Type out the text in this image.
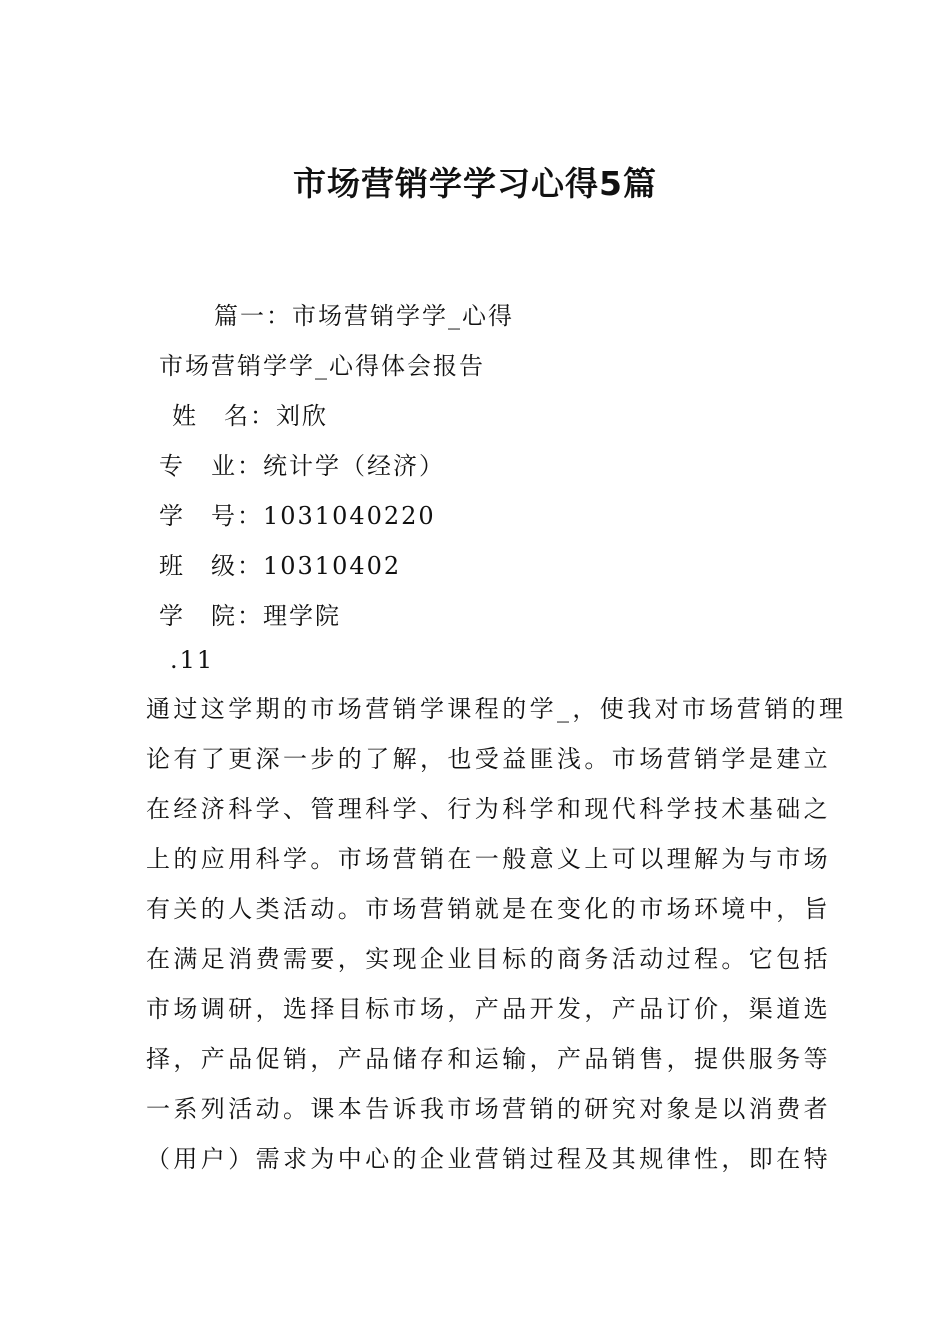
市场营销学学习心得5篇
篇一：市场营销学学_心得
市场营销学学_心得体会报告
姓　名：刘欣
专　业：统计学（经济）
学　号：1031040220
班　级：10310402
学　院：理学院
.11
通过这学期的市场营销学课程的学_，使我对市场营销的理
论有了更深一步的了解，也受益匪浅。市场营销学是建立
在经济科学、管理科学、行为科学和现代科学技术基础之
上的应用科学。市场营销在一般意义上可以理解为与市场
有关的人类活动。市场营销就是在变化的市场环境中，旨
在满足消费需要，实现企业目标的商务活动过程。它包括
市场调研，选择目标市场，产品开发，产品订价，渠道选
择，产品促销，产品储存和运输，产品销售，提供服务等
一系列活动。课本告诉我市场营销的研究对象是以消费者
（用户）需求为中心的企业营销过程及其规律性，即在特
